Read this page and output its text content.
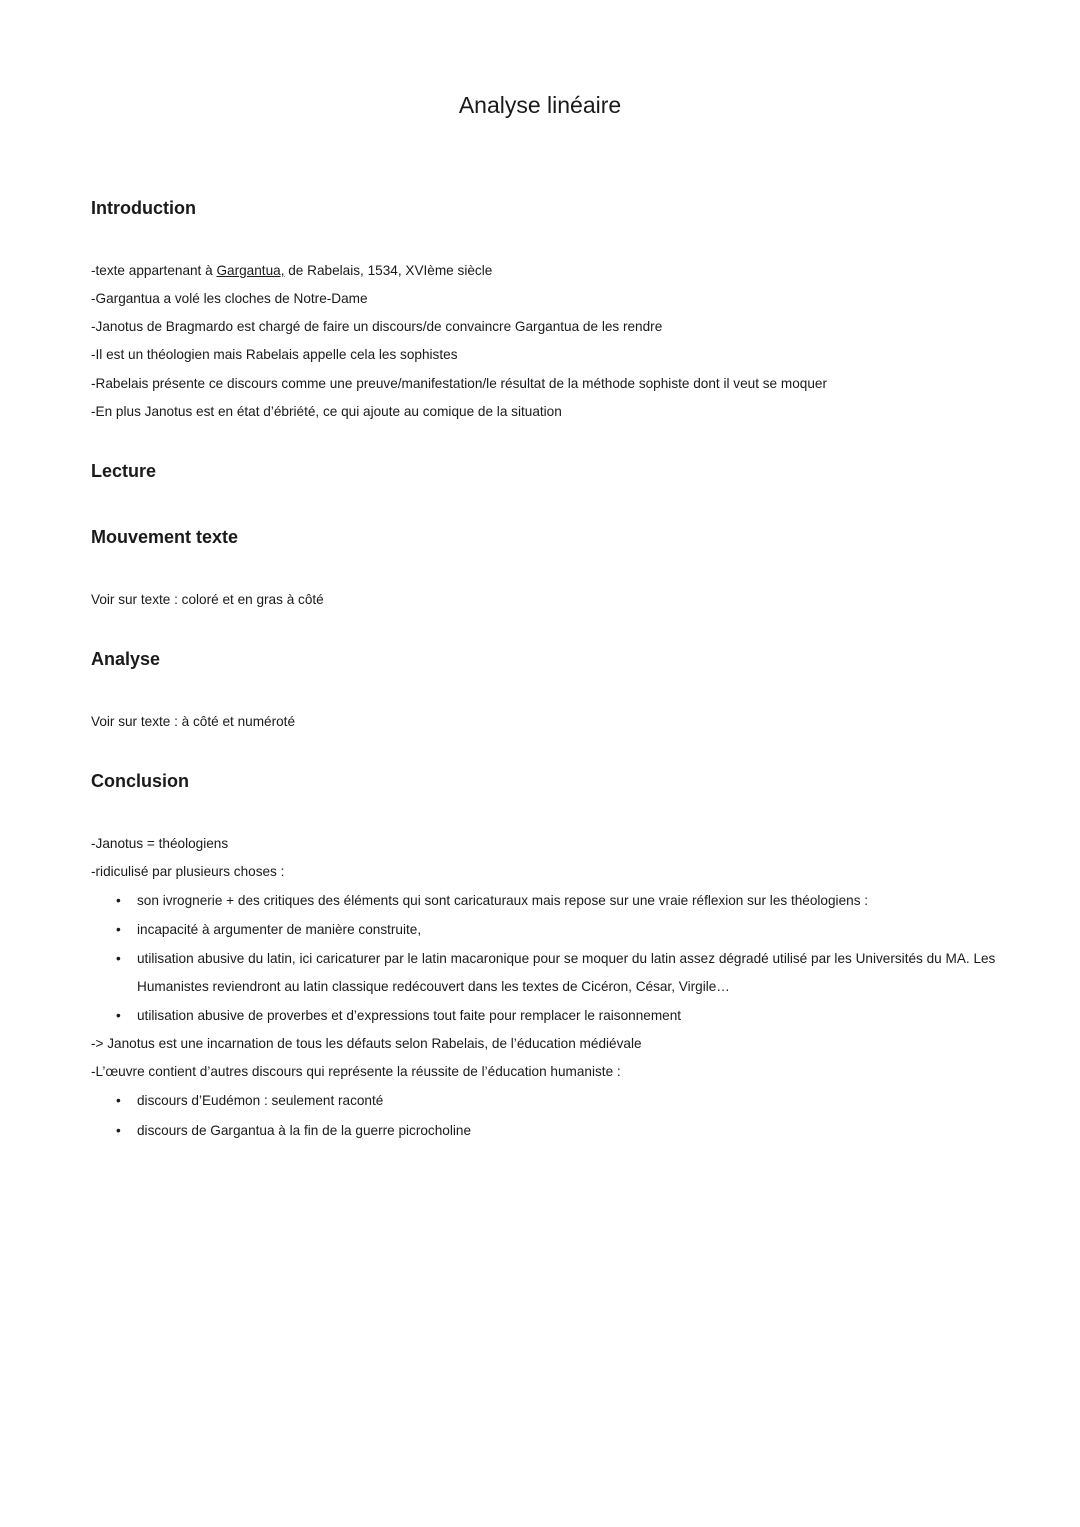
Analyse linéaire
Introduction
-texte appartenant à Gargantua, de Rabelais, 1534, XVIème siècle
-Gargantua a volé les cloches de Notre-Dame
-Janotus de Bragmardo est chargé de faire un discours/de convaincre Gargantua de les rendre
-Il est un théologien mais Rabelais appelle cela les sophistes
-Rabelais présente ce discours comme une preuve/manifestation/le résultat de la méthode sophiste dont il veut se moquer
-En plus Janotus est en état d’ébriété, ce qui ajoute au comique de la situation
Lecture
Mouvement texte
Voir sur texte : coloré et en gras à côté
Analyse
Voir sur texte : à côté et numéroté
Conclusion
-Janotus = théologiens
-ridiculisé par plusieurs choses :
•	son ivrognerie + des critiques des éléments qui sont caricaturaux mais repose sur une vraie réflexion sur les théologiens :
•	incapacité à argumenter de manière construite,
•	utilisation abusive du latin, ici caricaturer par le latin macaronique pour se moquer du latin assez dégradé utilisé par les Universités du MA. Les Humanistes reviendront au latin classique redécouvert dans les textes de Cicéron, César, Virgile…
•	utilisation abusive de proverbes et d’expressions tout faite pour remplacer le raisonnement
-> Janotus est une incarnation de tous les défauts selon Rabelais, de l’éducation médiévale
-L’œuvre contient d’autres discours qui représente la réussite de l’éducation humaniste :
•	discours d’Eudémon : seulement raconté
•	discours de Gargantua à la fin de la guerre picrocholine
